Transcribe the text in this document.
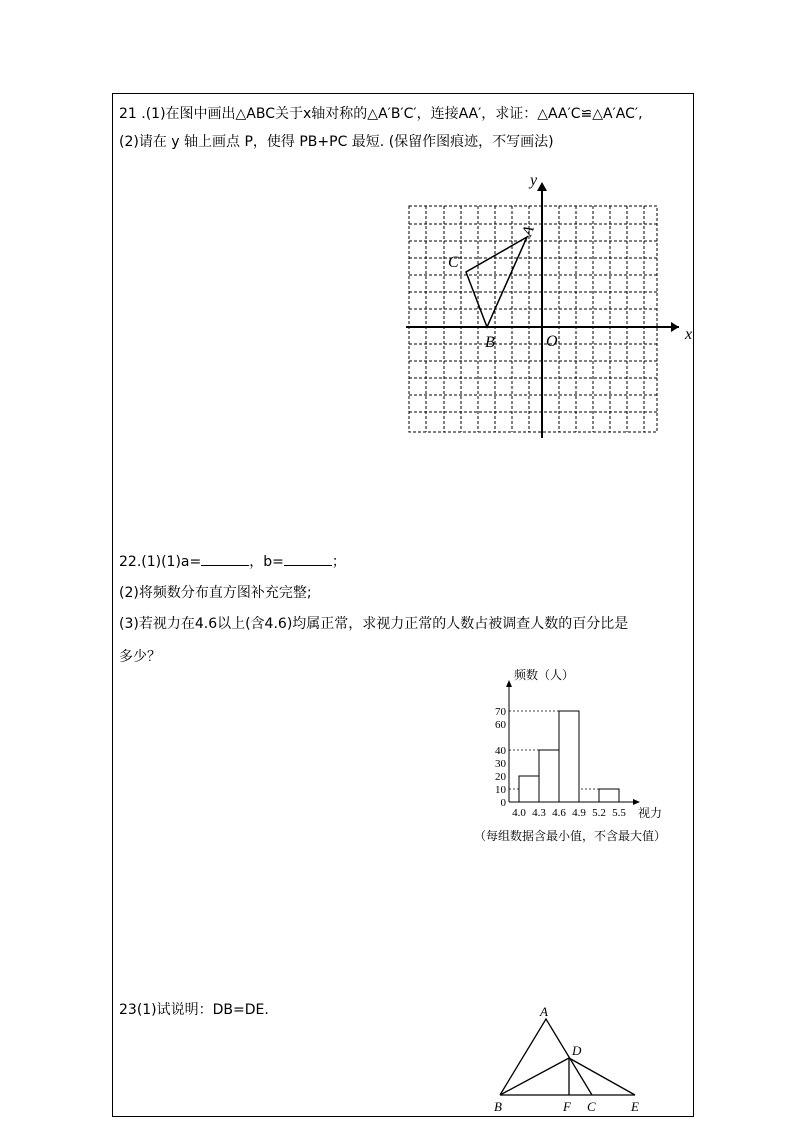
21 .(1)在图中画出△ABC关于x轴对称的△A′B′C′，连接AA′，求证：△AA′C≌△A′AC′,
(2)请在 y 轴上画点 P，使得 PB+PC 最短. (保留作图痕迹，不写画法)
y
x
O
A
B
C
22.(1)(1)a=	，b=	；
(2)将频数分布直方图补充完整;
(3)若视力在4.6以上(含4.6)均属正常，求视力正常的人数占被调查人数的百分比是
多少？
频数（人）
视力
0
10
20
30
40
60
70
4.0 4.3 4.6 4.9 5.2 5.5
（每组数据含最小值，不含最大值）
23(1)试说明：DB=DE.	A
B	F C	E
D
